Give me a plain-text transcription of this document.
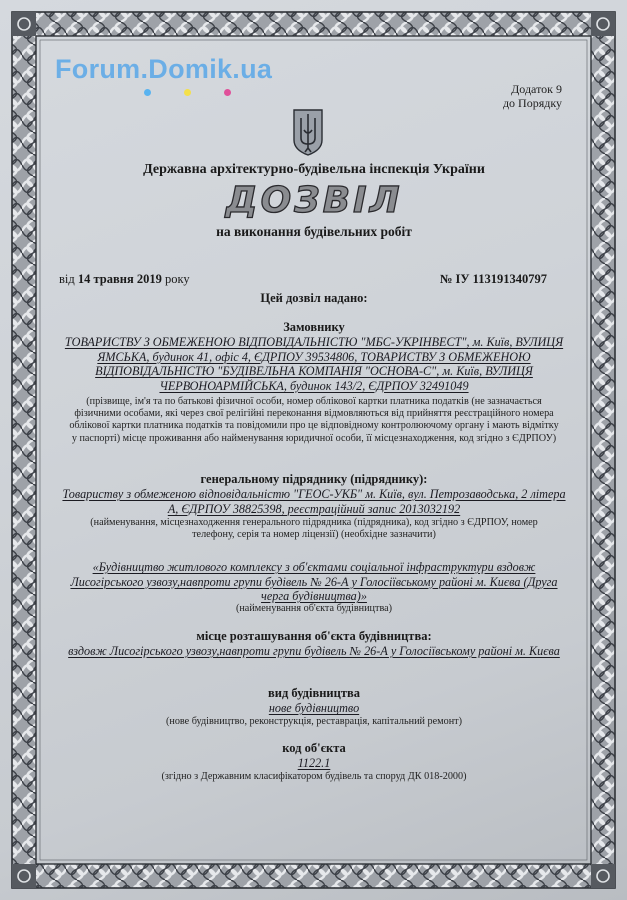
Forum.Domik.ua
Додаток 9
до Порядку
Державна архітектурно-будівельна інспекція України
ДОЗВІЛ
на виконання будівельних робіт
від 14 травня 2019 року	№ ІУ 113191340797
Цей дозвіл надано:
Замовнику
ТОВАРИСТВУ З ОБМЕЖЕНОЮ ВІДПОВІДАЛЬНІСТЮ "МБС-УКРІНВЕСТ", м. Київ, ВУЛИЦЯ ЯМСЬКА, будинок 41, офіс 4, ЄДРПОУ 39534806, ТОВАРИСТВУ З ОБМЕЖЕНОЮ ВІДПОВІДАЛЬНІСТЮ "БУДІВЕЛЬНА КОМПАНІЯ "ОСНОВА-С", м. Київ, ВУЛИЦЯ ЧЕРВОНОАРМІЙСЬКА, будинок 143/2, ЄДРПОУ 32491049
(прізвище, ім'я та по батькові фізичної особи, номер облікової картки платника податків (не зазначається фізичними особами, які через свої релігійні переконання відмовляються від прийняття реєстраційного номера облікової картки платника податків та повідомили про це відповідному контролюючому органу і мають відмітку у паспорті) місце проживання або найменування юридичної особи, її місцезнаходження, код згідно з ЄДРПОУ)
генеральному підряднику (підряднику):
Товариству з обмеженою відповідальністю "ГЕОС-УКБ" м. Київ, вул. Петрозаводська, 2 літера А, ЄДРПОУ 38825398, реєстраційний запис 2013032192
(найменування, місцезнаходження генерального підрядника (підрядника), код згідно з ЄДРПОУ, номер телефону, серія та номер ліцензії) (необхідне зазначити)
«Будівництво житлового комплексу з об'єктами соціальної інфраструктури вздовж Лисогірського узвозу,навпроти групи будівель № 26-А у Голосіївському районі м. Києва (Друга черга будівництва)»
(найменування об'єкта будівництва)
місце розташування об'єкта будівництва:
вздовж Лисогірського узвозу,навпроти групи будівель № 26-А у Голосіївському районі м. Києва
вид будівництва
нове будівництво
(нове будівництво, реконструкція, реставрація, капітальний ремонт)
код об'єкта
1122.1
(згідно з Державним класифікатором будівель та споруд ДК 018-2000)
